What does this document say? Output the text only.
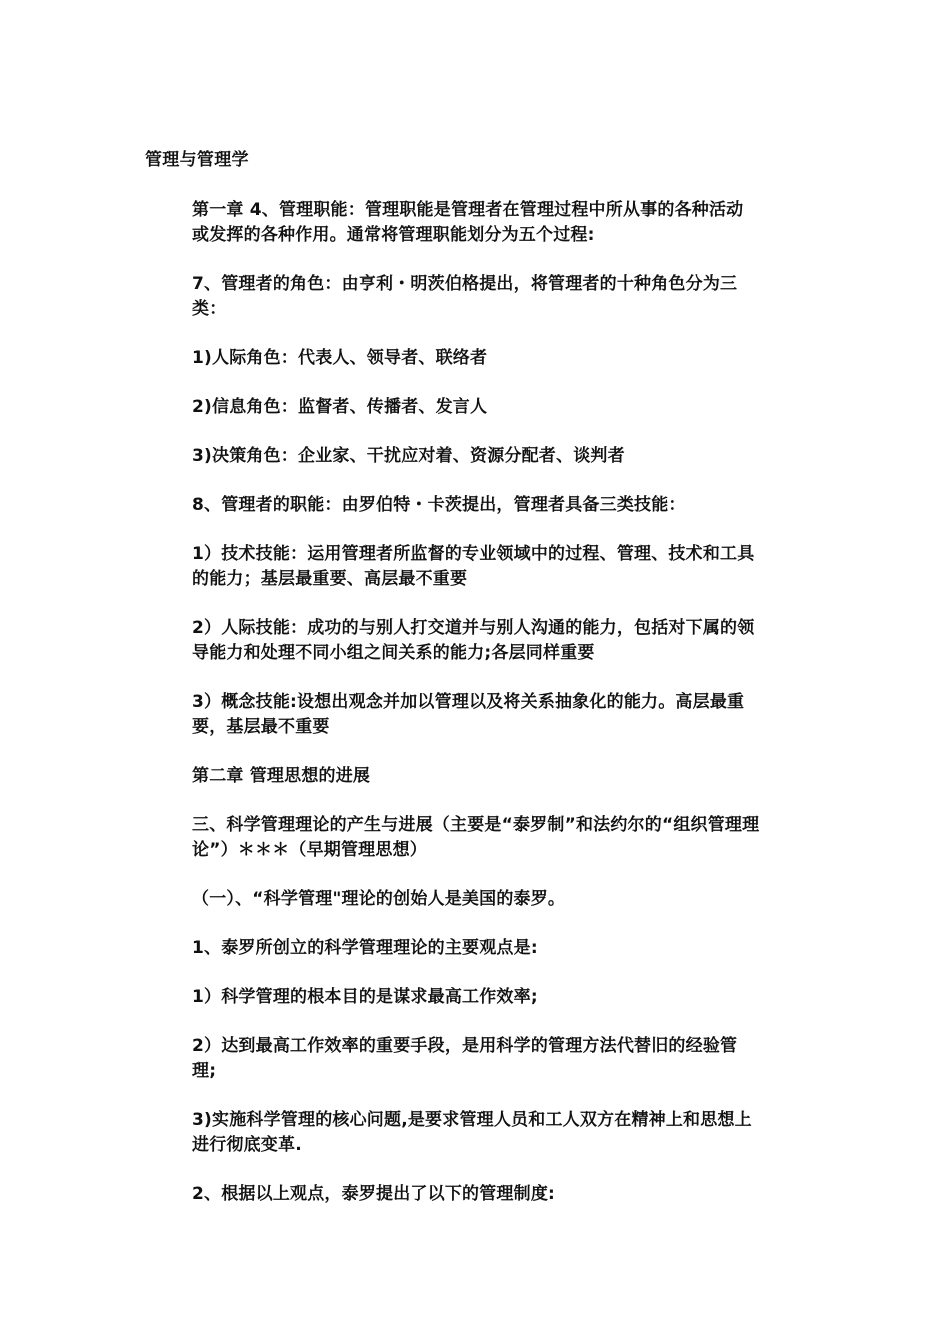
管理与管理学

第一章 4、管理职能：管理职能是管理者在管理过程中所从事的各种活动或发挥的各种作用。通常将管理职能划分为五个过程:

7、管理者的角色：由亨利・明茨伯格提出，将管理者的十种角色分为三类：

1)人际角色：代表人、领导者、联络者

2)信息角色：监督者、传播者、发言人

3)决策角色：企业家、干扰应对着、资源分配者、谈判者

8、管理者的职能：由罗伯特・卡茨提出，管理者具备三类技能：

1）技术技能：运用管理者所监督的专业领域中的过程、管理、技术和工具的能力；基层最重要、高层最不重要

2）人际技能：成功的与别人打交道并与别人沟通的能力，包括对下属的领导能力和处理不同小组之间关系的能力;各层同样重要

3）概念技能:设想出观念并加以管理以及将关系抽象化的能力。高层最重要，基层最不重要

第二章 管理思想的进展

三、科学管理理论的产生与进展（主要是“泰罗制”和法约尔的“组织管理理论”）＊＊＊（早期管理思想）

（一）、“科学管理"理论的创始人是美国的泰罗。

1、泰罗所创立的科学管理理论的主要观点是:

1）科学管理的根本目的是谋求最高工作效率;

2）达到最高工作效率的重要手段，是用科学的管理方法代替旧的经验管理;

3)实施科学管理的核心问题,是要求管理人员和工人双方在精神上和思想上进行彻底变革.

2、根据以上观点，泰罗提出了以下的管理制度:
